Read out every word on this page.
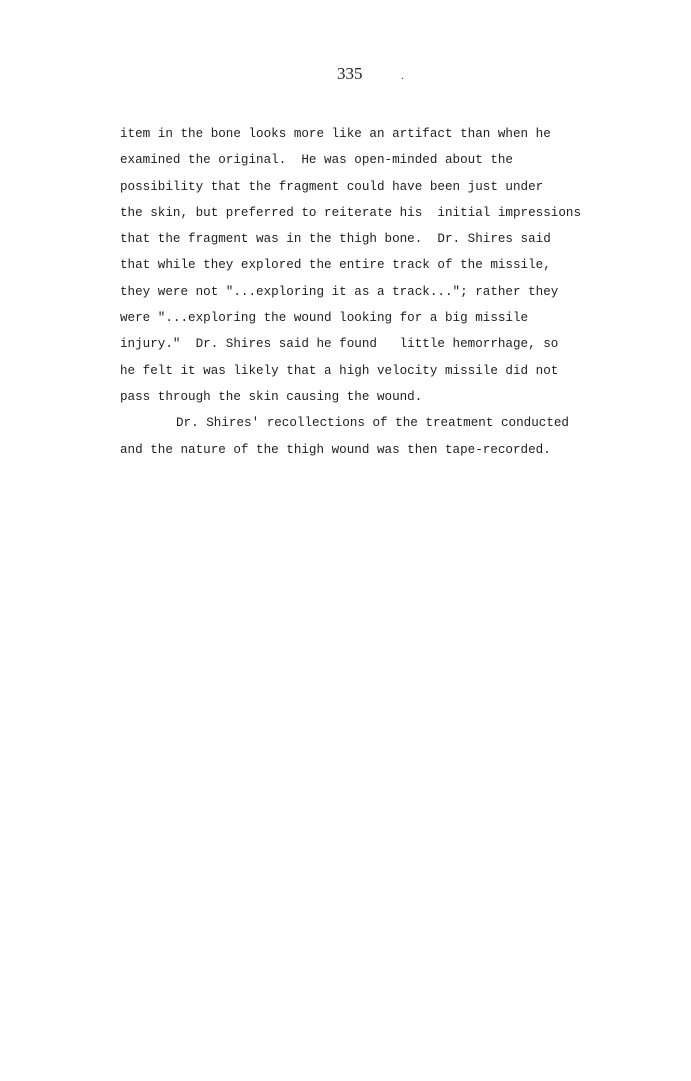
335	.
item in the bone looks more like an artifact than when he
examined the original.  He was open-minded about the
possibility that the fragment could have been just under
the skin, but preferred to reiterate his  initial impressions
that the fragment was in the thigh bone.  Dr. Shires said
that while they explored the entire track of the missile,
they were not "...exploring it as a track..."; rather they
were "...exploring the wound looking for a big missile
injury."  Dr. Shires said he found   little hemorrhage, so
he felt it was likely that a high velocity missile did not
pass through the skin causing the wound.
Dr. Shires' recollections of the treatment conducted
and the nature of the thigh wound was then tape-recorded.
